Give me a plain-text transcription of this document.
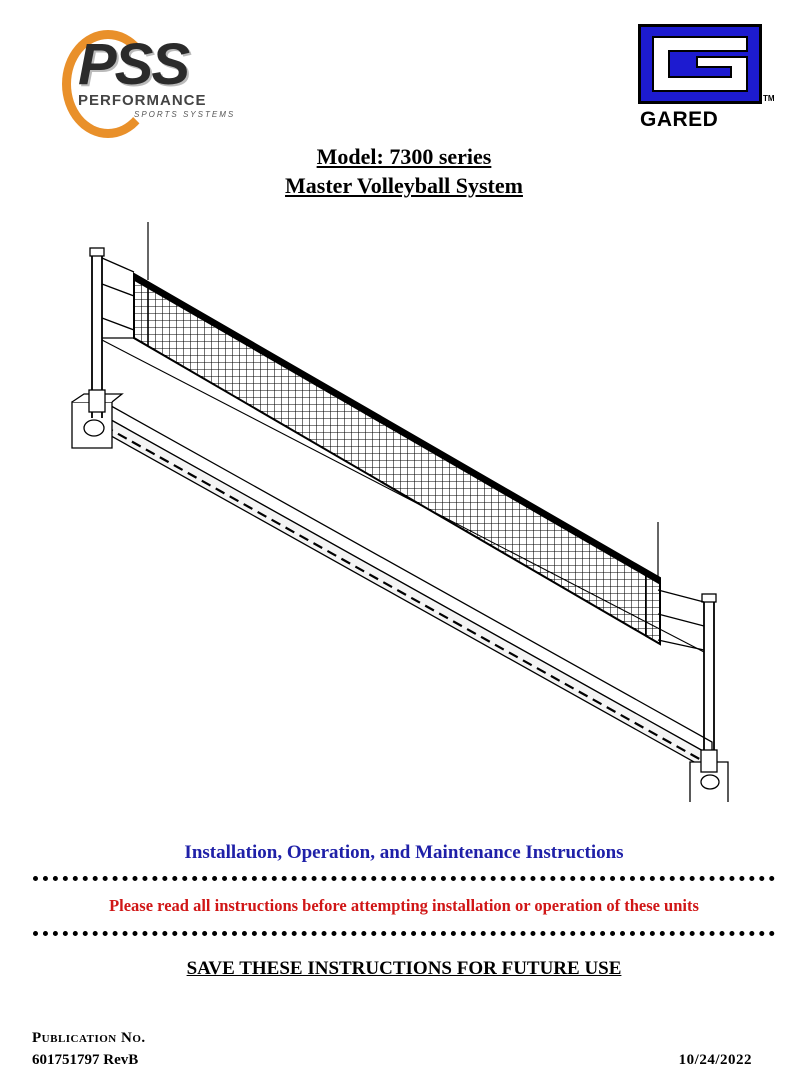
PSS
PERFORMANCE
SPORTS SYSTEMS
TM
GARED
Model: 7300 series
Master Volleyball System
Installation, Operation, and Maintenance Instructions
Please read all instructions before attempting installation or operation of these units
SAVE THESE INSTRUCTIONS FOR FUTURE USE
Publication No.
601751797 RevB	10/24/2022
